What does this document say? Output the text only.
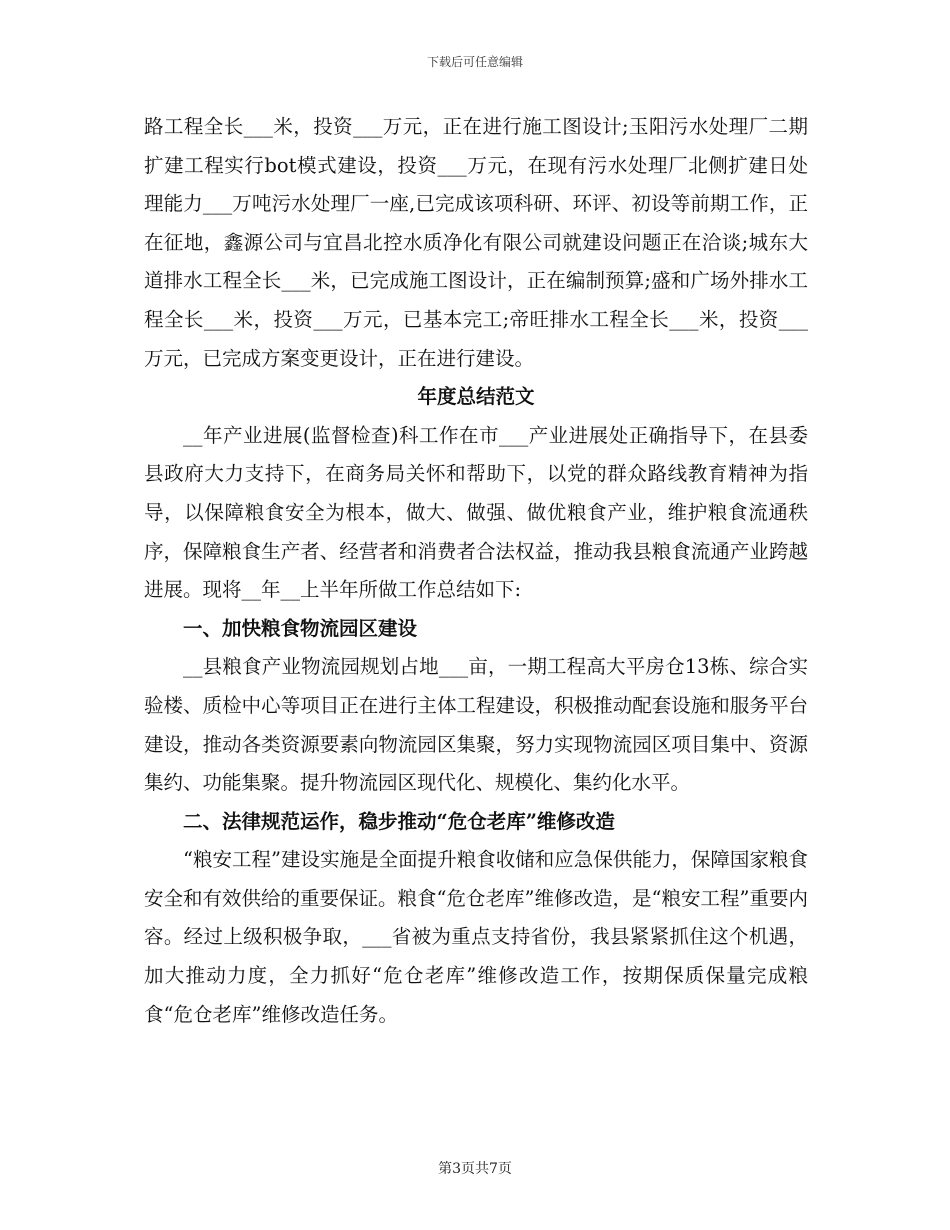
下载后可任意编辑

路工程全长___米，投资___万元，正在进行施工图设计;玉阳污水处理厂二期扩建工程实行bot模式建设，投资___万元，在现有污水处理厂北侧扩建日处理能力___万吨污水处理厂一座,已完成该项科研、环评、初设等前期工作，正在征地，鑫源公司与宜昌北控水质净化有限公司就建设问题正在洽谈;城东大道排水工程全长___米，已完成施工图设计，正在编制预算;盛和广场外排水工程全长___米，投资___万元，已基本完工;帝旺排水工程全长___米，投资___万元，已完成方案变更设计，正在进行建设。

年度总结范文

__年产业进展(监督检查)科工作在市___产业进展处正确指导下，在县委县政府大力支持下，在商务局关怀和帮助下，以党的群众路线教育精神为指导，以保障粮食安全为根本，做大、做强、做优粮食产业，维护粮食流通秩序，保障粮食生产者、经营者和消费者合法权益，推动我县粮食流通产业跨越进展。现将__年__上半年所做工作总结如下:

一、加快粮食物流园区建设

__县粮食产业物流园规划占地___亩，一期工程高大平房仓13栋、综合实验楼、质检中心等项目正在进行主体工程建设，积极推动配套设施和服务平台建设，推动各类资源要素向物流园区集聚，努力实现物流园区项目集中、资源集约、功能集聚。提升物流园区现代化、规模化、集约化水平。

二、法律规范运作，稳步推动“危仓老库”维修改造

“粮安工程”建设实施是全面提升粮食收储和应急保供能力，保障国家粮食安全和有效供给的重要保证。粮食“危仓老库”维修改造，是“粮安工程”重要内容。经过上级积极争取，___省被为重点支持省份，我县紧紧抓住这个机遇，加大推动力度，全力抓好“危仓老库”维修改造工作，按期保质保量完成粮食“危仓老库”维修改造任务。

第3页共7页
